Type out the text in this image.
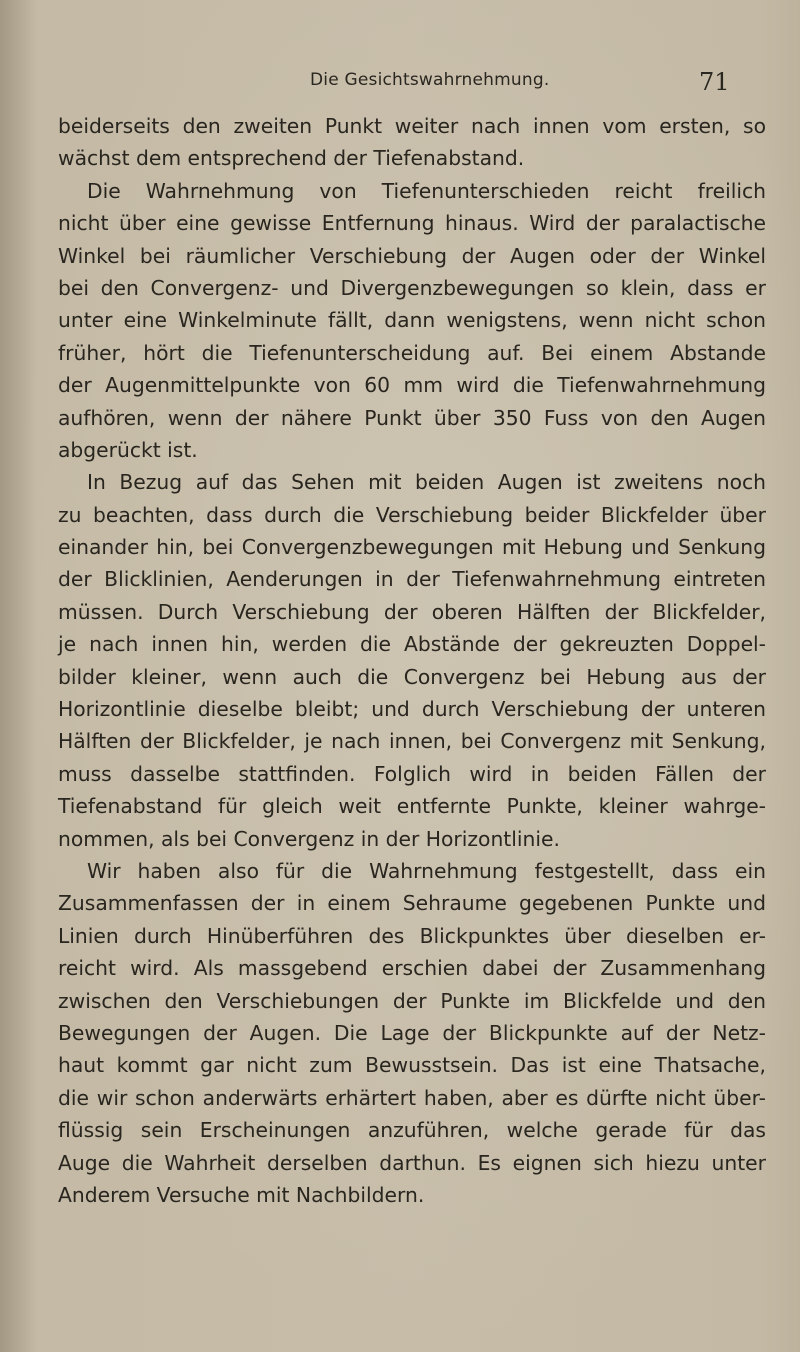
Die Gesichtswahrnehmung.	71
beiderseits den zweiten Punkt weiter nach innen vom ersten, so
wächst dem entsprechend der Tiefenabstand.
Die Wahrnehmung von Tiefenunterschieden reicht freilich
nicht über eine gewisse Entfernung hinaus. Wird der paralactische
Winkel bei räumlicher Verschiebung der Augen oder der Winkel
bei den Convergenz- und Divergenzbewegungen so klein, dass er
unter eine Winkelminute fällt, dann wenigstens, wenn nicht schon
früher, hört die Tiefenunterscheidung auf. Bei einem Abstande
der Augenmittelpunkte von 60 mm wird die Tiefenwahrnehmung
aufhören, wenn der nähere Punkt über 350 Fuss von den Augen
abgerückt ist.
In Bezug auf das Sehen mit beiden Augen ist zweitens noch
zu beachten, dass durch die Verschiebung beider Blickfelder über
einander hin, bei Convergenzbewegungen mit Hebung und Senkung
der Blicklinien, Aenderungen in der Tiefenwahrnehmung eintreten
müssen. Durch Verschiebung der oberen Hälften der Blickfelder,
je nach innen hin, werden die Abstände der gekreuzten Doppel-
bilder kleiner, wenn auch die Convergenz bei Hebung aus der
Horizontlinie dieselbe bleibt; und durch Verschiebung der unteren
Hälften der Blickfelder, je nach innen, bei Convergenz mit Senkung,
muss dasselbe stattfinden. Folglich wird in beiden Fällen der
Tiefenabstand für gleich weit entfernte Punkte, kleiner wahrge-
nommen, als bei Convergenz in der Horizontlinie.
Wir haben also für die Wahrnehmung festgestellt, dass ein
Zusammenfassen der in einem Sehraume gegebenen Punkte und
Linien durch Hinüberführen des Blickpunktes über dieselben er-
reicht wird. Als massgebend erschien dabei der Zusammenhang
zwischen den Verschiebungen der Punkte im Blickfelde und den
Bewegungen der Augen. Die Lage der Blickpunkte auf der Netz-
haut kommt gar nicht zum Bewusstsein. Das ist eine Thatsache,
die wir schon anderwärts erhärtert haben, aber es dürfte nicht über-
flüssig sein Erscheinungen anzuführen, welche gerade für das
Auge die Wahrheit derselben darthun. Es eignen sich hiezu unter
Anderem Versuche mit Nachbildern.
